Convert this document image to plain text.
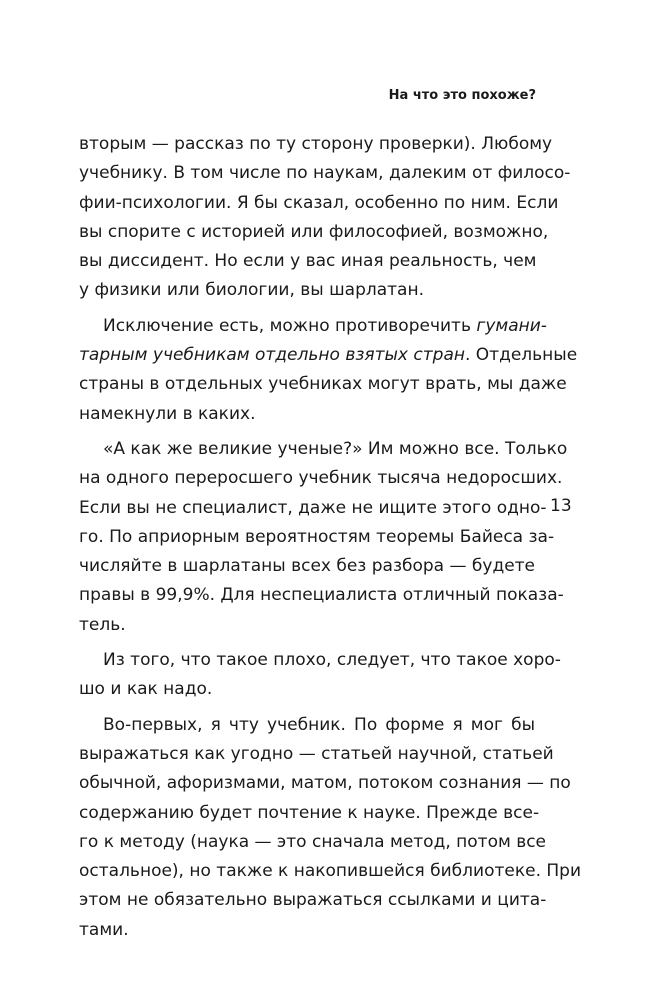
На что это похоже?
13
вторым — рассказ по ту сторону проверки). Любому
учебнику. В том числе по наукам, далеким от филосо-
фии-психологии. Я бы сказал, особенно по ним. Если
вы спорите с историей или философией, возможно,
вы диссидент. Но если у вас иная реальность, чем
у физики или биологии, вы шарлатан.
Исключение есть, можно противоречить гумани-
тарным учебникам отдельно взятых стран. Отдельные
страны в отдельных учебниках могут врать, мы даже
намекнули в каких.
«А как же великие ученые?» Им можно все. Только
на одного переросшего учебник тысяча недоросших.
Если вы не специалист, даже не ищите этого одно-
го. По априорным вероятностям теоремы Байеса за-
числяйте в шарлатаны всех без разбора — будете
правы в 99,9%. Для неспециалиста отличный показа-
тель.
Из того, что такое плохо, следует, что такое хоро-
шо и как надо.
Во-первых, я чту учебник. По форме я мог бы
выражаться как угодно — статьей научной, статьей
обычной, афоризмами, матом, потоком сознания — по
содержанию будет почтение к науке. Прежде все-
го к методу (наука — это сначала метод, потом все
остальное), но также к накопившейся библиотеке. При
этом не обязательно выражаться ссылками и цита-
тами.
